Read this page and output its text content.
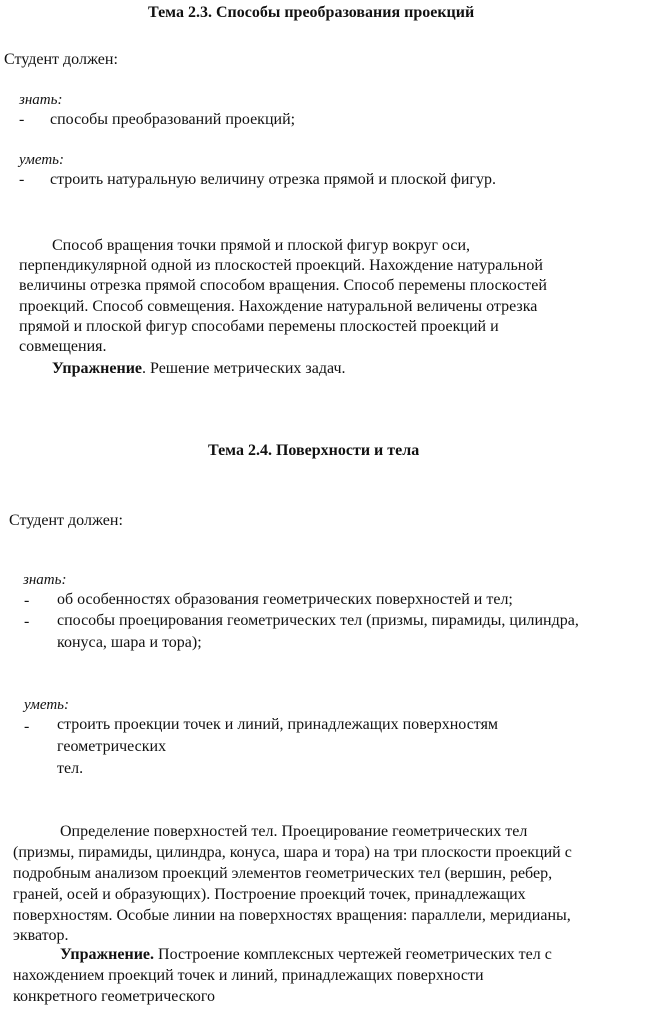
Тема 2.3. Способы преобразования проекций
Студент должен:
знать:
- способы преобразований проекций;
уметь:
- строить натуральную величину отрезка прямой и плоской фигур.
Способ вращения точки прямой и плоской фигур вокруг оси,
перпендикулярной одной из плоскостей проекций. Нахождение натуральной
величины отрезка прямой способом вращения. Способ перемены плоскостей
проекций. Способ совмещения. Нахождение натуральной величены отрезка
прямой и плоской фигур способами перемены плоскостей проекций и
совмещения.
Упражнение. Решение метрических задач.
Тема 2.4. Поверхности и тела
Студент должен:
знать:
- об особенностях образования геометрических поверхностей и тел;
- способы проецирования геометрических тел (призмы, пирамиды, цилиндра,
конуса, шара и тора);
уметь:
- строить проекции точек и линий, принадлежащих поверхностям
геометрических
тел.
Определение поверхностей тел. Проецирование геометрических тел
(призмы, пирамиды, цилиндра, конуса, шара и тора) на три плоскости проекций с
подробным анализом проекций элементов геометрических тел (вершин, ребер,
граней, осей и образующих). Построение проекций точек, принадлежащих
поверхностям. Особые линии на поверхностях вращения: параллели, меридианы,
экватор.
Упражнение. Построение комплексных чертежей геометрических тел с
нахождением проекций точек и линий, принадлежащих поверхности
конкретного геометрического
